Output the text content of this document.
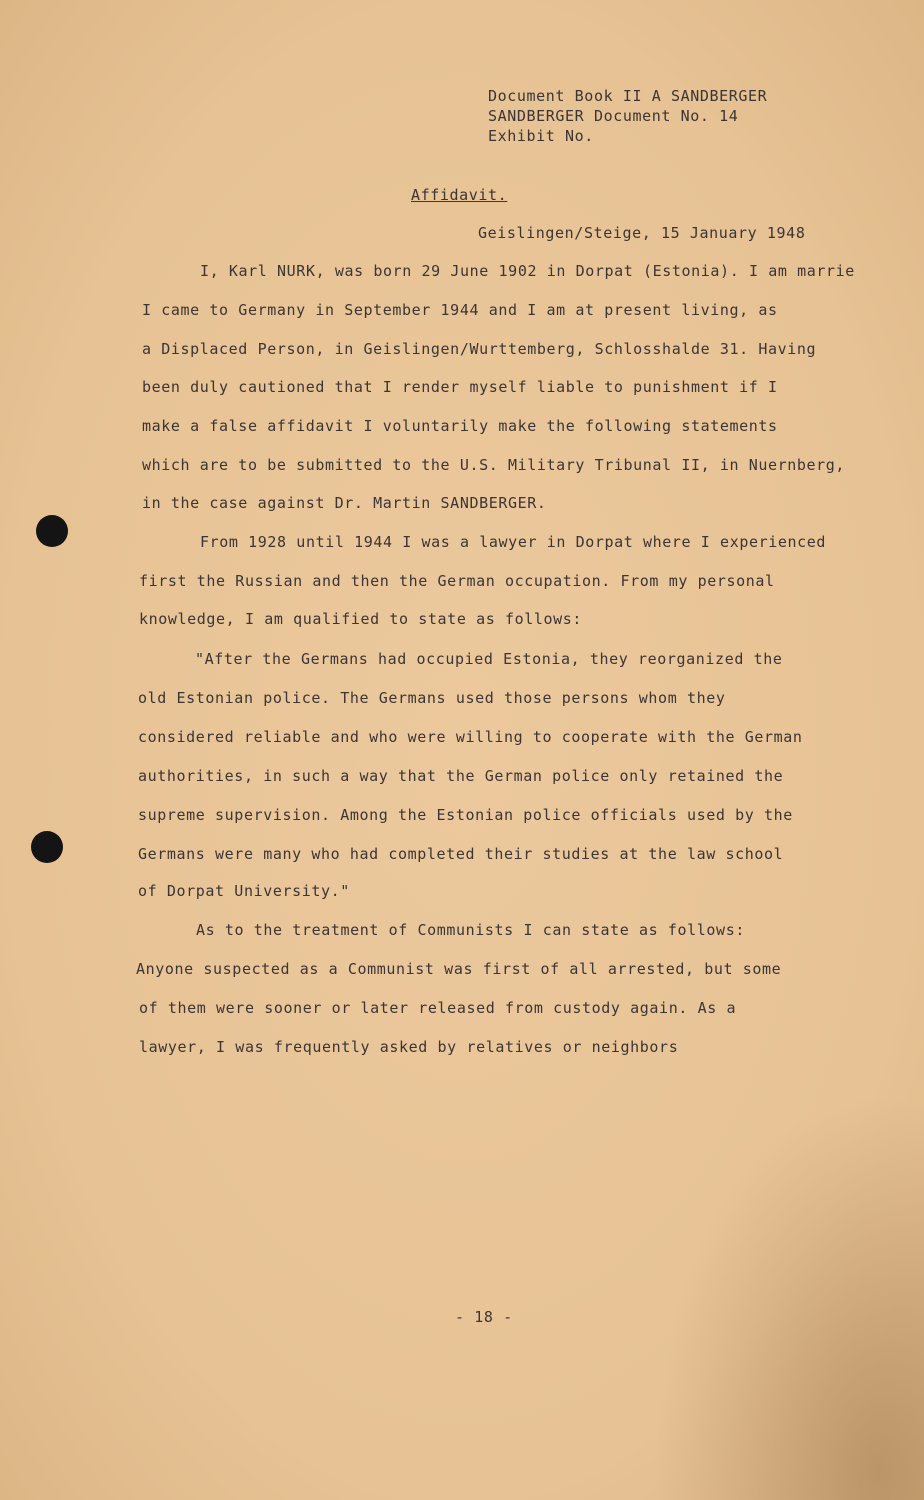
Document Book II A SANDBERGER
SANDBERGER Document No. 14
Exhibit No.
Affidavit.
Geislingen/Steige, 15 January 1948
I, Karl NURK, was born 29 June 1902 in Dorpat (Estonia). I am marrie
I came to Germany in September 1944 and I am at present living, as
a Displaced Person, in Geislingen/Wurttemberg, Schlosshalde 31. Having
been duly cautioned that I render myself liable to punishment if I
make a false affidavit I voluntarily make the following statements
which are to be submitted to the U.S. Military Tribunal II, in Nuernberg,
in the case against Dr. Martin SANDBERGER.
From 1928 until 1944 I was a lawyer in Dorpat where I experienced
first the Russian and then the German occupation. From my personal
knowledge, I am qualified to state as follows:
"After the Germans had occupied Estonia, they reorganized the
old Estonian police. The Germans used those persons whom they
considered reliable and who were willing to cooperate with the German
authorities, in such a way that the German police only retained the
supreme supervision. Among the Estonian police officials used by the
Germans were many who had completed their studies at the law school
of Dorpat University."
As to the treatment of Communists I can state as follows:
Anyone suspected as a Communist was first of all arrested, but some
of them were sooner or later released from custody again. As a
lawyer, I was frequently asked by relatives or neighbors
- 18 -
